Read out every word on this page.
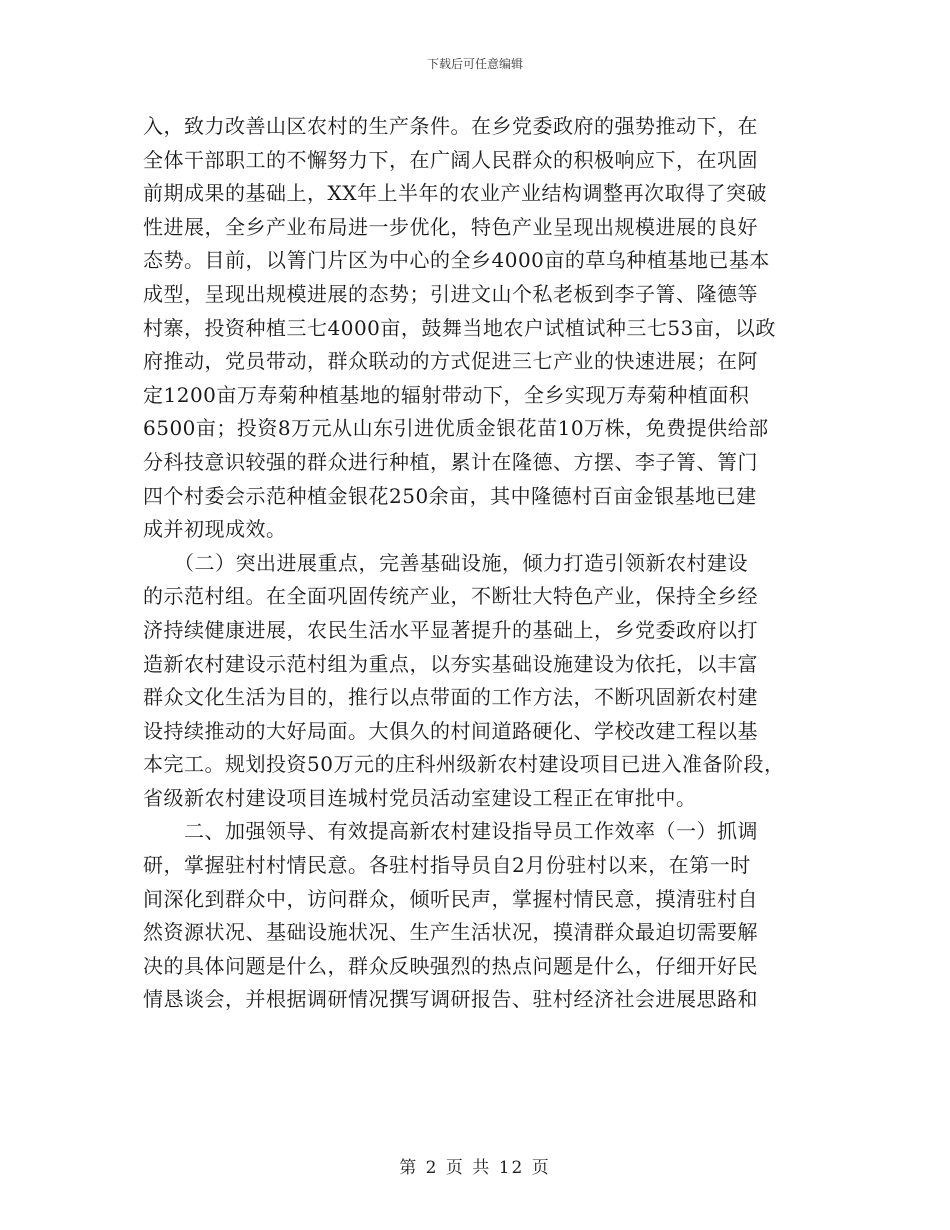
下载后可任意编辑
入，致力改善山区农村的生产条件。在乡党委政府的强势推动下，在
全体干部职工的不懈努力下，在广阔人民群众的积极响应下，在巩固
前期成果的基础上，XX年上半年的农业产业结构调整再次取得了突破
性进展，全乡产业布局进一步优化，特色产业呈现出规模进展的良好
态势。目前，以箐门片区为中心的全乡4000亩的草乌种植基地已基本
成型，呈现出规模进展的态势；引进文山个私老板到李子箐、隆德等
村寨，投资种植三七4000亩，鼓舞当地农户试植试种三七53亩，以政
府推动，党员带动，群众联动的方式促进三七产业的快速进展；在阿
定1200亩万寿菊种植基地的辐射带动下，全乡实现万寿菊种植面积
6500亩；投资8万元从山东引进优质金银花苗10万株，免费提供给部
分科技意识较强的群众进行种植，累计在隆德、方摆、李子箐、箐门
四个村委会示范种植金银花250余亩，其中隆德村百亩金银基地已建
成并初现成效。
　　（二）突出进展重点，完善基础设施，倾力打造引领新农村建设
的示范村组。在全面巩固传统产业，不断壮大特色产业，保持全乡经
济持续健康进展，农民生活水平显著提升的基础上，乡党委政府以打
造新农村建设示范村组为重点，以夯实基础设施建设为依托，以丰富
群众文化生活为目的，推行以点带面的工作方法，不断巩固新农村建
设持续推动的大好局面。大俱久的村间道路硬化、学校改建工程以基
本完工。规划投资50万元的庄科州级新农村建设项目已进入准备阶段，
省级新农村建设项目连城村党员活动室建设工程正在审批中。
　　二、加强领导、有效提高新农村建设指导员工作效率（一）抓调
研，掌握驻村村情民意。各驻村指导员自2月份驻村以来，在第一时
间深化到群众中，访问群众，倾听民声，掌握村情民意，摸清驻村自
然资源状况、基础设施状况、生产生活状况，摸清群众最迫切需要解
决的具体问题是什么，群众反映强烈的热点问题是什么，仔细开好民
情恳谈会，并根据调研情况撰写调研报告、驻村经济社会进展思路和
第 2 页 共 12 页
